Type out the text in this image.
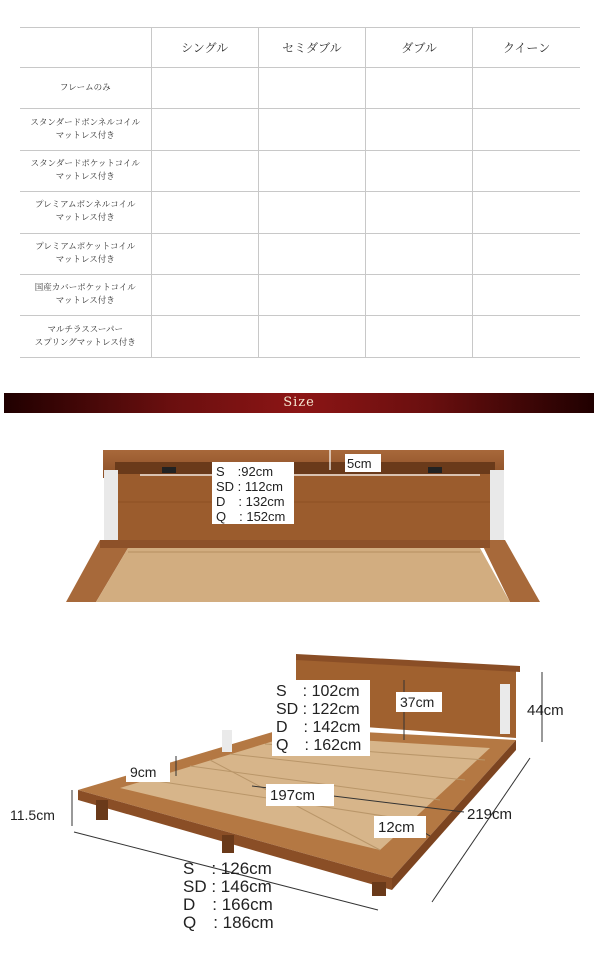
	シングル	セミダブル	ダブル	クイーン
フレームのみ				
スタンダードボンネルコイル
マットレス付き				
スタンダードポケットコイル
マットレス付き				
プレミアムボンネルコイル
マットレス付き				
プレミアムポケットコイル
マットレス付き				
国産カバーポケットコイル
マットレス付き				
マルチラススーパー
スプリングマットレス付き				
Size
S　:92cm
SD : 112cm
D　: 132cm
Q　: 152cm
5cm
S　: 102cm
SD : 122cm
D　: 142cm
Q　: 162cm
37cm	44cm
9cm
11.5cm
197cm
12cm
219cm
S　: 126cm
SD : 146cm
D　: 166cm
Q　: 186cm
